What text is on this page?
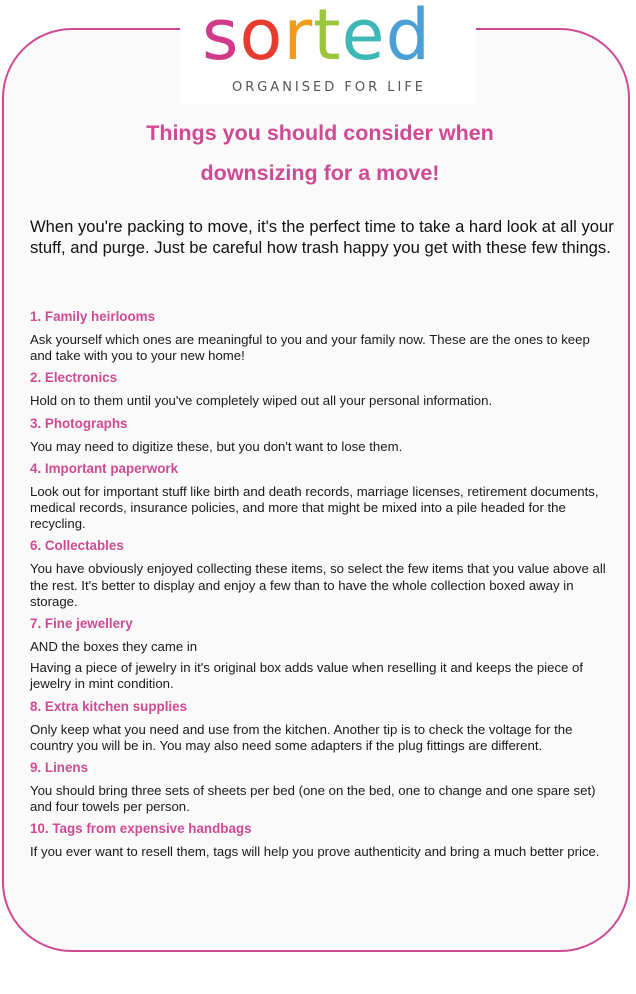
sorted
ORGANISED FOR LIFE
Things you should consider when
downsizing for a move!
When you're packing to move, it's the perfect time to take a hard look at all your stuff, and purge. Just be careful how trash happy you get with these few things.
1. Family heirlooms
Ask yourself which ones are meaningful to you and your family now. These are the ones to keep and take with you to your new home!
2. Electronics
Hold on to them until you've completely wiped out all your personal information.
3. Photographs
You may need to digitize these, but you don't want to lose them.
4. Important paperwork
Look out for important stuff like birth and death records, marriage licenses, retirement documents, medical records, insurance policies, and more that might be mixed into a pile headed for the recycling.
6. Collectables
You have obviously enjoyed collecting these items, so select the few items that you value above all the rest. It's better to display and enjoy a few than to have the whole collection boxed away in storage.
7. Fine jewellery
AND the boxes they came in
Having a piece of jewelry in it's original box adds value when reselling it and keeps the piece of jewelry in mint condition.
8. Extra kitchen supplies
Only keep what you need and use from the kitchen. Another tip is to check the voltage for the country you will be in. You may also need some adapters if the plug fittings are different.
9. Linens
You should bring three sets of sheets per bed (one on the bed, one to change and one spare set) and four towels per person.
10. Tags from expensive handbags
If you ever want to resell them, tags will help you prove authenticity and bring a much better price.
